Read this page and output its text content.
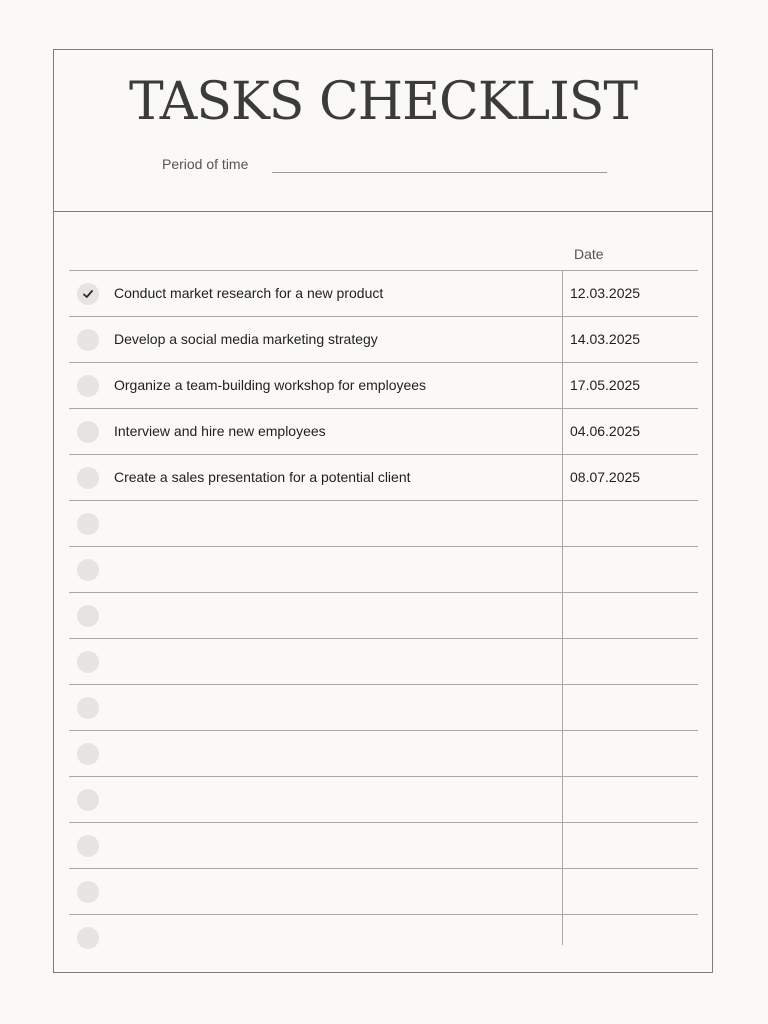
TASKS CHECKLIST
Period of time
Date
Conduct market research for a new product	12.03.2025
Develop a social media marketing strategy	14.03.2025
Organize a team-building workshop for employees	17.05.2025
Interview and hire new employees	04.06.2025
Create a sales presentation for a potential client	08.07.2025
